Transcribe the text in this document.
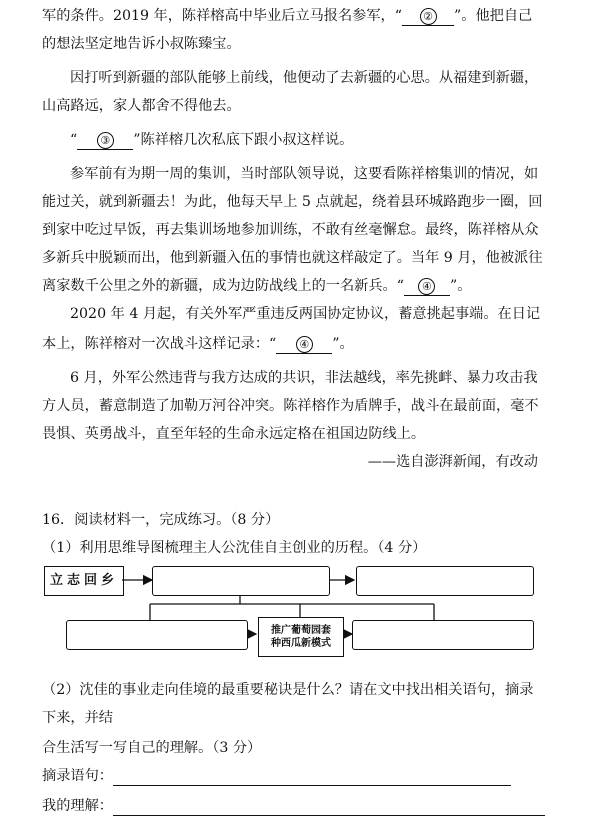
军的条件。2019 年，陈祥榕高中毕业后立马报名参军，“ ② ”。他把自己
的想法坚定地告诉小叔陈臻宝。
因打听到新疆的部队能够上前线，他便动了去新疆的心思。从福建到新疆，
山高路远，家人都舍不得他去。
“ ③ ”陈祥榕几次私底下跟小叔这样说。
参军前有为期一周的集训，当时部队领导说，这要看陈祥榕集训的情况，如
能过关，就到新疆去！为此，他每天早上 5 点就起，绕着县环城路跑步一圈，回
到家中吃过早饭，再去集训场地参加训练，不敢有丝毫懈怠。最终，陈祥榕从众
多新兵中脱颖而出，他到新疆入伍的事情也就这样敲定了。当年 9 月，他被派往
离家数千公里之外的新疆，成为边防战线上的一名新兵。“ ④ ”。
2020 年 4 月起，有关外军严重违反两国协定协议，蓄意挑起事端。在日记
本上，陈祥榕对一次战斗这样记录：“ ④ ”。
6 月，外军公然违背与我方达成的共识，非法越线，率先挑衅、暴力攻击我
方人员，蓄意制造了加勒万河谷冲突。陈祥榕作为盾牌手，战斗在最前面，毫不
畏惧、英勇战斗，直至年轻的生命永远定格在祖国边防线上。
——选自澎湃新闻，有改动
16．阅读材料一，完成练习。（8 分）
（1）利用思维导图梳理主人公沈佳自主创业的历程。（4 分）
立志回乡
推广葡萄园套
种西瓜新模式
（2）沈佳的事业走向佳境的最重要秘诀是什么？请在文中找出相关语句，摘录
下来，并结
合生活写一写自己的理解。（3 分）
摘录语句：
我的理解：
